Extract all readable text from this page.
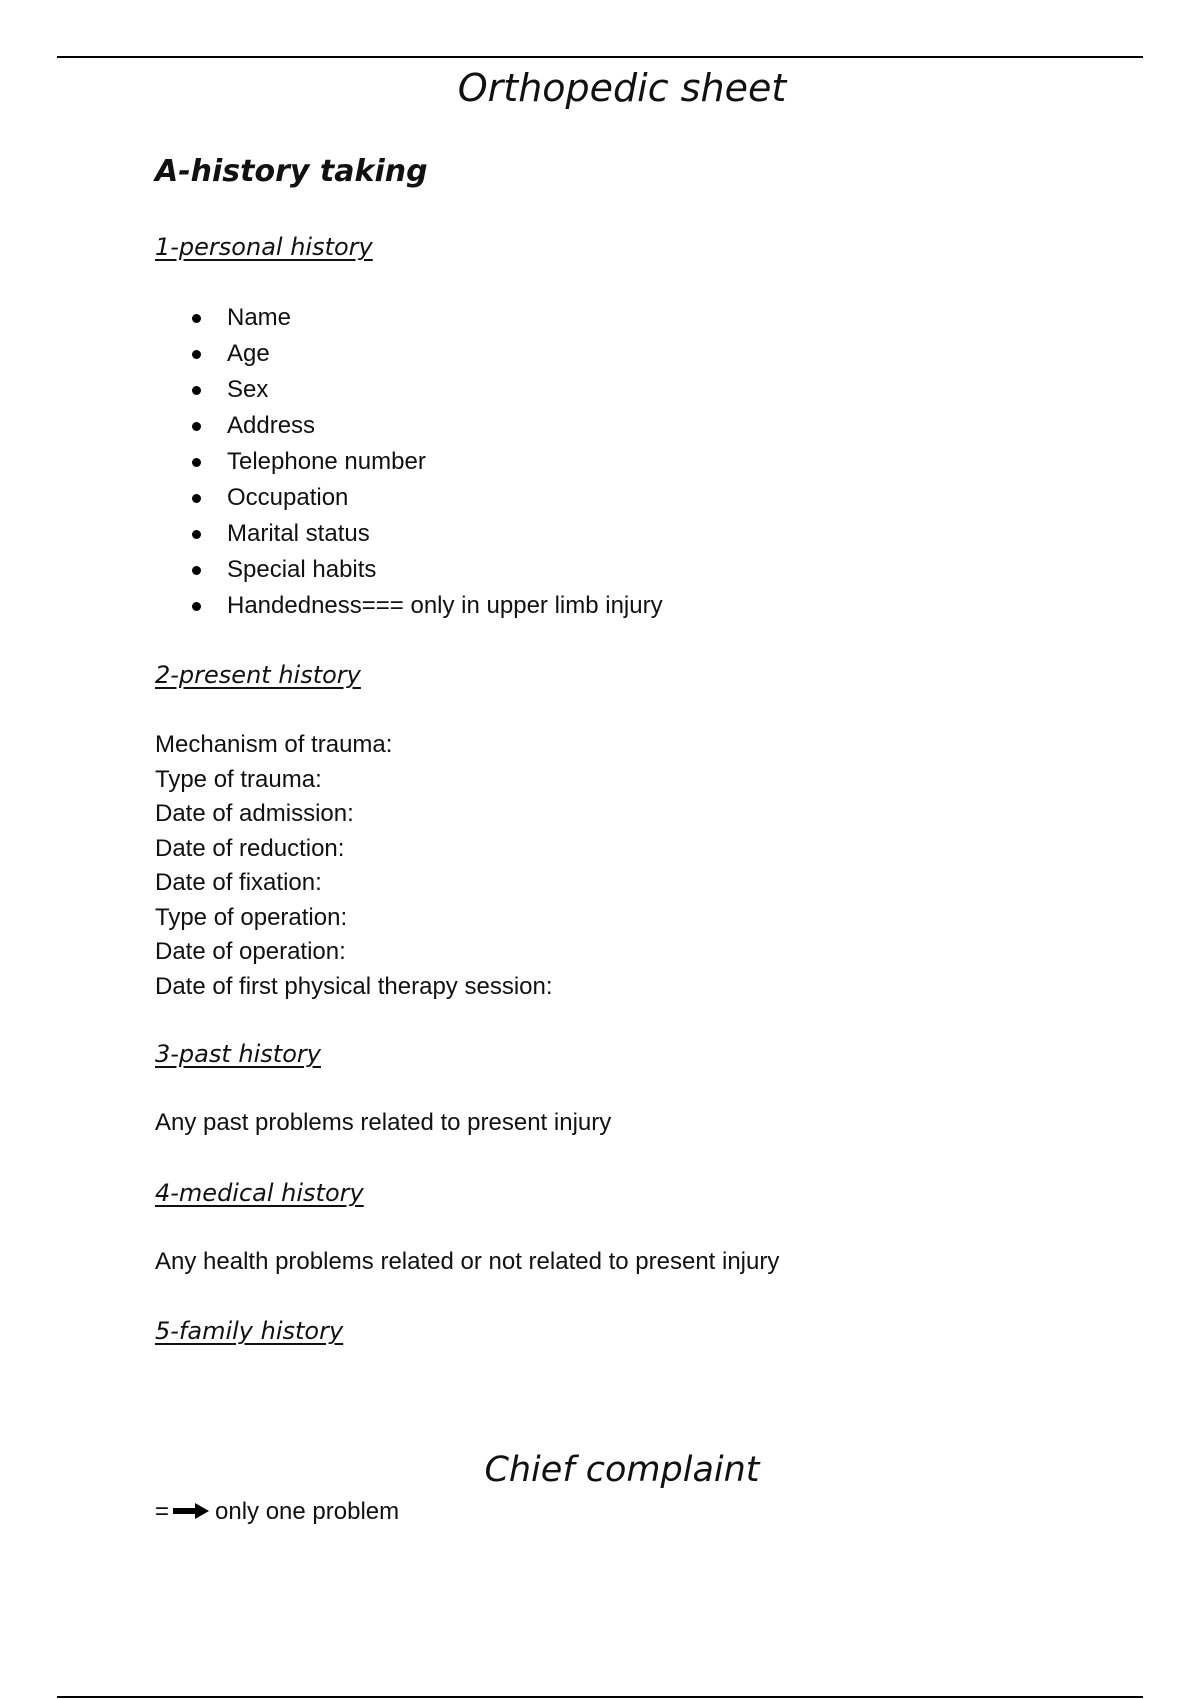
Orthopedic sheet
A-history taking
1-personal history
Name
Age
Sex
Address
Telephone number
Occupation
Marital status
Special habits
Handedness=== only in upper limb injury
2-present history
Mechanism of trauma:
Type of trauma:
Date of admission:
Date of reduction:
Date of fixation:
Type of operation:
Date of operation:
Date of first physical therapy session:
3-past history
Any past problems related to present injury
4-medical history
Any health problems related or not related to present injury
5-family history
Chief complaint
= only one problem
